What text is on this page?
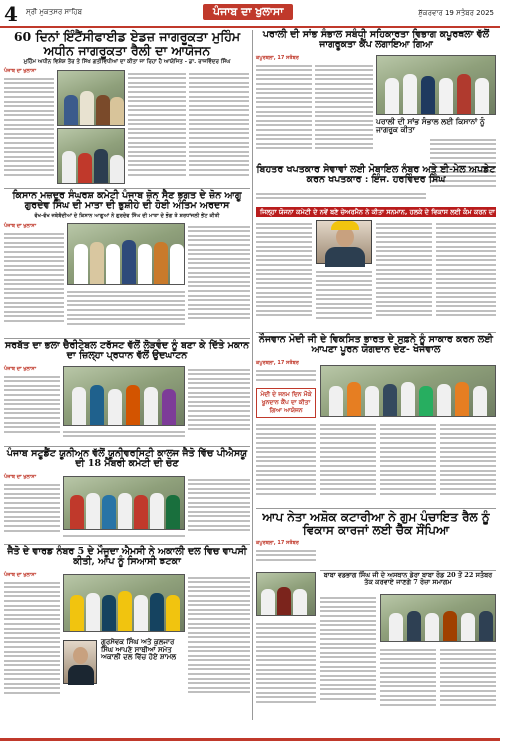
4 ਸ੍ਰੀ ਮੁਕਤਸਰ ਸਾਹਿਬ	ਪੰਜਾਬ ਦਾ ਖੁਲਾਸਾ	ਸ਼ੁੱਕਰਵਾਰ 19 ਸਤੰਬਰ 2025
60 ਦਿਨਾਂ ਇੰਟੈਂਸੀਫਾਈਡ ਏਡਜ਼ ਜਾਗਰੂਕਤਾ ਮੁਹਿੰਮ ਅਧੀਨ ਜਾਗਰੂਕਤਾ ਰੈਲੀ ਦਾ ਆਯੋਜਨ
ਮੁਹਿੰਮ ਅਧੀਨ ਵਿਸ਼ੇਸ਼ ਤੌਰ ਤੇ ਸਿੱਖ ਗਤੀਵਿਧੀਆਂ ਦਾ ਕੀਤਾ ਜਾ ਰਿਹਾ ਹੈ ਆਯੋਜਿਤ - ਡਾ. ਰਾਜਵਿੰਦਰ ਸਿੰਘ
ਪੰਜਾਬ ਦਾ ਖੁਲਾਸਾ
ਪਰਾਲੀ ਦੀ ਸਾਂਭ ਸੰਭਾਲ ਸਬੰਧੀ ਸਹਿਕਾਰਤਾ ਵਿਭਾਗ ਕਪੂਰਥਲਾ ਵੱਲੋਂ ਜਾਗਰੂਕਤਾ ਕੈਂਪ ਲਗਾਇਆ ਗਿਆ
ਕਪੂਰਥਲਾ, 17 ਸਤੰਬਰ
ਪਰਾਲੀ ਦੀ ਸਾਂਭ ਸੰਭਾਲ ਲਈ ਕਿਸਾਨਾਂ ਨੂੰ ਜਾਗਰੂਕ ਕੀਤਾ
ਬਿਹਤਰ ਖਪਤਕਾਰ ਸੇਵਾਵਾਂ ਲਈ ਮੋਬਾਇਲ ਨੰਬਰ ਅਤੇ ਈ-ਮੇਲ ਅਪਡੇਟ ਕਰਨ ਖਪਤਕਾਰ : ਇੰਜ. ਹਰਵਿੰਦਰ ਸਿੰਘ
ਕਿਸਾਨ ਮਜ਼ਦੂਰ ਸੰਘਰਸ਼ ਕਮੇਟੀ ਪੰਜਾਬ ਜ਼ੋਨ ਸੈਣ ਭਗਤ ਦੇ ਜ਼ੋਨ ਆਗੂ ਗੁਰਦੇਵ ਸਿੰਘ ਦੀ ਮਾਤਾ ਦੀ ਭੁਸ਼ੀਹੇ ਦੀ ਹੋਈ ਅੰਤਿਮ ਅਰਦਾਸ
ਵੱਖ-ਵੱਖ ਜਥੇਬੰਦੀਆਂ ਦੇ ਕਿਸਾਨ ਆਗੂਆਂ ਨੇ ਗੁਰਦੇਵ ਸਿੰਘ ਦੀ ਮਾਤਾ ਦੇ ਭੋਗ ਤੇ ਸ਼ਰਧਾਂਜਲੀ ਭੇਂਟ ਕੀਤੀ
ਪੰਜਾਬ ਦਾ ਖੁਲਾਸਾ
ਜਿਲ੍ਹਾ ਯੋਜਨਾ ਕਮੇਟੀ ਦੇ ਨਵੇਂ ਬਣੇ ਚੇਅਰਮੈਨ ਨੇ ਕੀਤਾ ਸਨਮਾਨ, ਹਲਕੇ ਦੇ ਵਿਕਾਸ ਲਈ ਕੰਮ ਕਰਨ ਦਾ ਦਿੱਤਾ ਭਰੋਸਾ
ਨੌਜਵਾਨ ਮੋਦੀ ਜੀ ਦੇ ਵਿਕਸਿਤ ਭਾਰਤ ਦੇ ਸੁਫ਼ਨੇ ਨੂੰ ਸਾਕਾਰ ਕਰਨ ਲਈ ਆਪਣਾ ਪੂਰਨ ਯੋਗਦਾਨ ਦੇਣ- ਖੋਜੇਵਾਲ
ਕਪੂਰਥਲਾ, 17 ਸਤੰਬਰ
ਮੋਦੀ ਦੇ ਜਨਮ ਦਿਨ ਮੌਕੇ ਖੂਨਦਾਨ ਕੈਂਪ ਦਾ ਕੀਤਾ ਗਿਆ ਆਯੋਜਨ
ਸਰਬੱਤ ਦਾ ਭਲਾ ਚੈਰੀਟੇਬਲ ਟਰੱਸਟ ਵੱਲੋਂ ਲੋੜਵੰਦ ਨੂੰ ਬਣਾ ਕੇ ਦਿੱਤੇ ਮਕਾਨ ਦਾ ਜ਼ਿਲ੍ਹਾ ਪ੍ਰਧਾਨ ਵੱਲੋਂ ਉਦਘਾਟਨ
ਪੰਜਾਬ ਦਾ ਖੁਲਾਸਾ
ਪੰਜਾਬ ਸਟੂਡੈਂਟ ਯੂਨੀਅਨ ਵੱਲੋਂ ਯੂਨੀਵਰਸਿਟੀ ਕਾਲਜ ਜੈਤੋ ਵਿੱਚ ਪੀਐਸਯੂ ਦੀ 18 ਮੈਂਬਰੀ ਕਮੇਟੀ ਦੀ ਚੋਣ
ਪੰਜਾਬ ਦਾ ਖੁਲਾਸਾ
ਆਪ ਨੇਤਾ ਅਸ਼ੋਕ ਕਟਾਰੀਆ ਨੇ ਗੁਮ ਪੰਚਾਇਤ ਰੈਲ ਨੂੰ ਵਿਕਾਸ ਕਾਰਜਾਂ ਲਈ ਚੈੱਕ ਸੌਂਪਿਆ
ਕਪੂਰਥਲਾ, 17 ਸਤੰਬਰ
ਬਾਬਾ ਵਡਭਾਗ ਸਿੰਘ ਜੀ ਦੇ ਅਸਥਾਨ ਡੇਰਾ ਬਾਬਾ ਰੋਡ 20 ਤੋਂ 22 ਸਤੰਬਰ ਤੱਕ ਕਰਵਾਏ ਜਾਣਗੇ 7 ਰੋਜ਼ਾ ਸਮਾਗਮ
ਜੈਤੋ ਦੇ ਵਾਰਡ ਨੰਬਰ 5 ਦੇ ਮੌਜੂਦਾ ਐਮਸੀ ਨੇ ਅਕਾਲੀ ਦਲ ਵਿਚ ਵਾਪਸੀ ਕੀਤੀ, ਆਪ ਨੂੰ ਸਿਆਸੀ ਝਟਕਾ
ਪੰਜਾਬ ਦਾ ਖੁਲਾਸਾ
ਗੁਰਸੇਵਕ ਸਿੰਘ ਅਤੇ ਕੁਲਜਾਰ ਸਿੰਘ ਆਪਣੇ ਸਾਥੀਆਂ ਸਮੇਤ ਅਕਾਲੀ ਦਲ ਵਿੱਚ ਹੋਏ ਸ਼ਾਮਲ
